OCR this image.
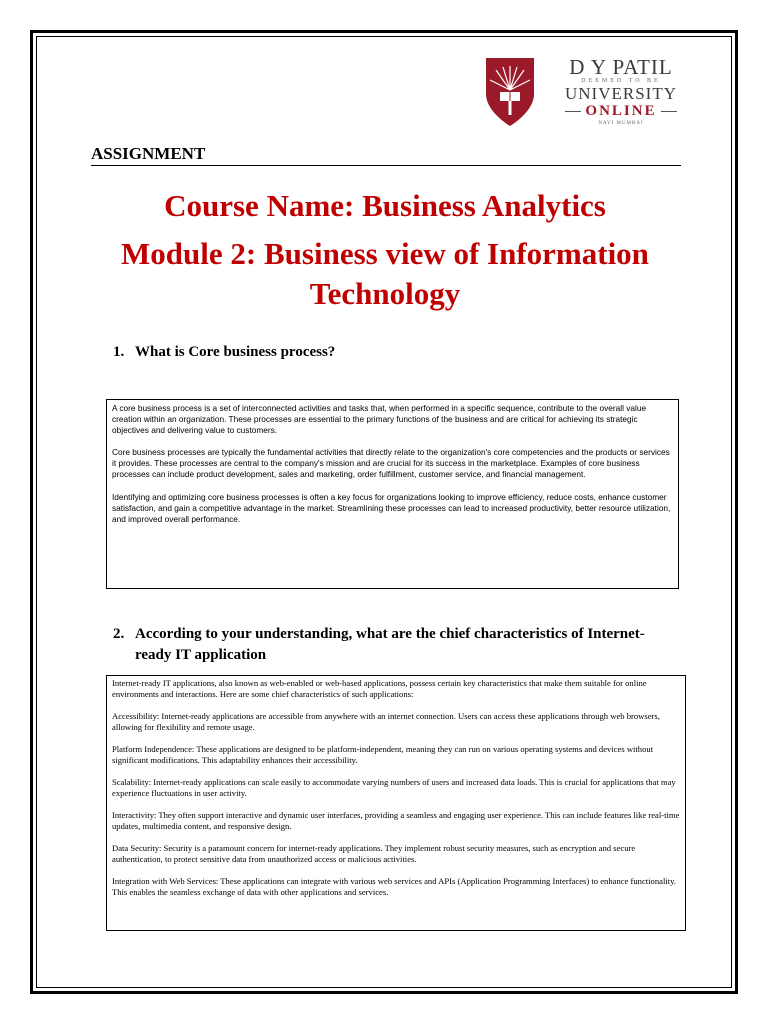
D Y PATIL
DEEMED TO BE
UNIVERSITY
ONLINE
NAVI MUMBAI
ASSIGNMENT
Course Name: Business Analytics
Module 2: Business view of Information
Technology
1. What is Core business process?

A core business process is a set of interconnected activities and tasks that, when performed in a specific sequence, contribute to the overall value creation within an organization. These processes are essential to the primary functions of the business and are critical for achieving its strategic objectives and delivering value to customers.

Core business processes are typically the fundamental activities that directly relate to the organization's core competencies and the products or services it provides. These processes are central to the company's mission and are crucial for its success in the marketplace. Examples of core business processes can include product development, sales and marketing, order fulfillment, customer service, and financial management.

Identifying and optimizing core business processes is often a key focus for organizations looking to improve efficiency, reduce costs, enhance customer satisfaction, and gain a competitive advantage in the market. Streamlining these processes can lead to increased productivity, better resource utilization, and improved overall performance.

2. According to your understanding, what are the chief characteristics of Internet-ready IT application

Internet-ready IT applications, also known as web-enabled or web-based applications, possess certain key characteristics that make them suitable for online environments and interactions. Here are some chief characteristics of such applications:

Accessibility: Internet-ready applications are accessible from anywhere with an internet connection. Users can access these applications through web browsers, allowing for flexibility and remote usage.

Platform Independence: These applications are designed to be platform-independent, meaning they can run on various operating systems and devices without significant modifications. This adaptability enhances their accessibility.

Scalability: Internet-ready applications can scale easily to accommodate varying numbers of users and increased data loads. This is crucial for applications that may experience fluctuations in user activity.

Interactivity: They often support interactive and dynamic user interfaces, providing a seamless and engaging user experience. This can include features like real-time updates, multimedia content, and responsive design.

Data Security: Security is a paramount concern for internet-ready applications. They implement robust security measures, such as encryption and secure authentication, to protect sensitive data from unauthorized access or malicious activities.

Integration with Web Services: These applications can integrate with various web services and APIs (Application Programming Interfaces) to enhance functionality. This enables the seamless exchange of data with other applications and services.
